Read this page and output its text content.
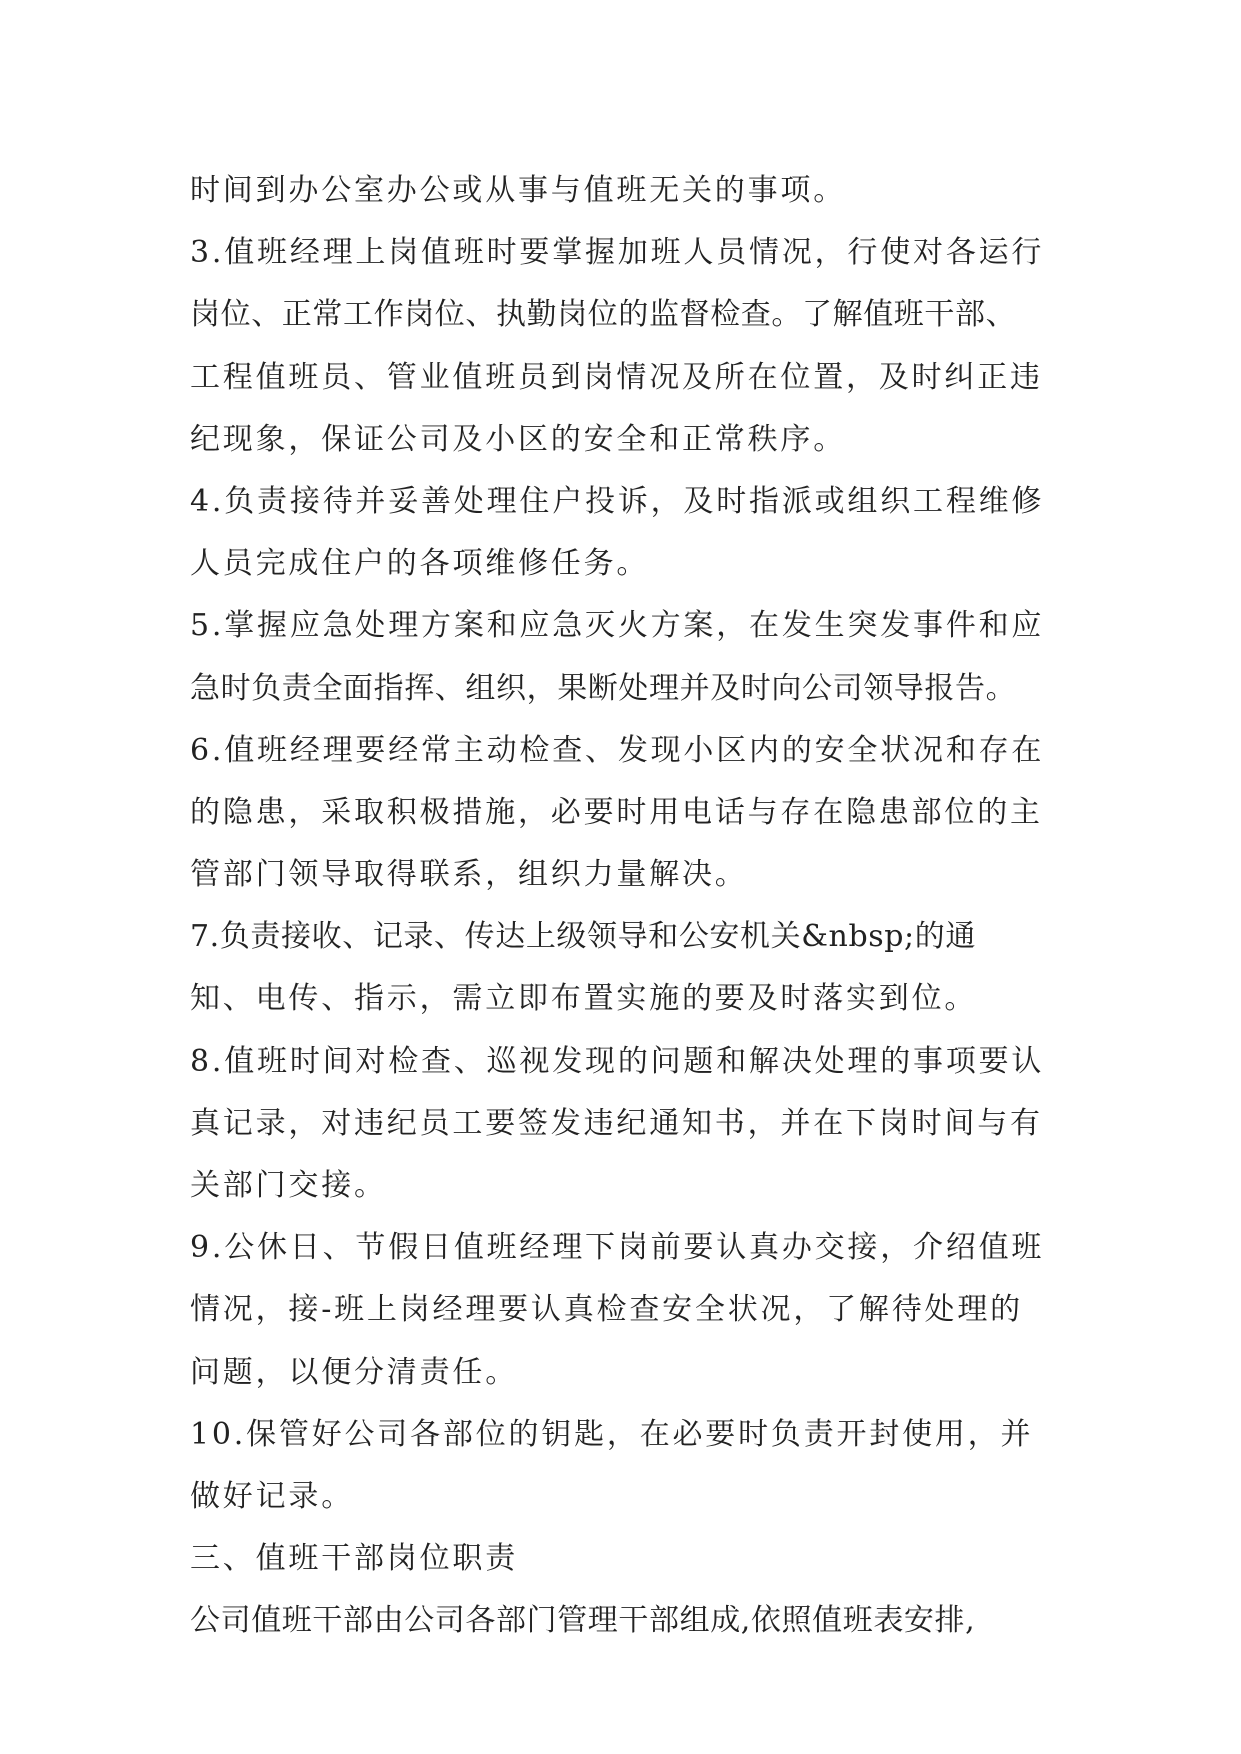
时间到办公室办公或从事与值班无关的事项。
3.值班经理上岗值班时要掌握加班人员情况，行使对各运行
岗位、正常工作岗位、执勤岗位的监督检查。了解值班干部、
工程值班员、管业值班员到岗情况及所在位置，及时纠正违
纪现象，保证公司及小区的安全和正常秩序。
4.负责接待并妥善处理住户投诉，及时指派或组织工程维修
人员完成住户的各项维修任务。
5.掌握应急处理方案和应急灭火方案，在发生突发事件和应
急时负责全面指挥、组织，果断处理并及时向公司领导报告。
6.值班经理要经常主动检查、发现小区内的安全状况和存在
的隐患，采取积极措施，必要时用电话与存在隐患部位的主
管部门领导取得联系，组织力量解决。
7.负责接收、记录、传达上级领导和公安机关&nbsp;的通
知、电传、指示，需立即布置实施的要及时落实到位。
8.值班时间对检查、巡视发现的问题和解决处理的事项要认
真记录，对违纪员工要签发违纪通知书，并在下岗时间与有
关部门交接。
9.公休日、节假日值班经理下岗前要认真办交接，介绍值班
情况，接-班上岗经理要认真检查安全状况，了解待处理的
问题，以便分清责任。
10.保管好公司各部位的钥匙，在必要时负责开封使用，并
做好记录。
三、值班干部岗位职责
公司值班干部由公司各部门管理干部组成,依照值班表安排,
